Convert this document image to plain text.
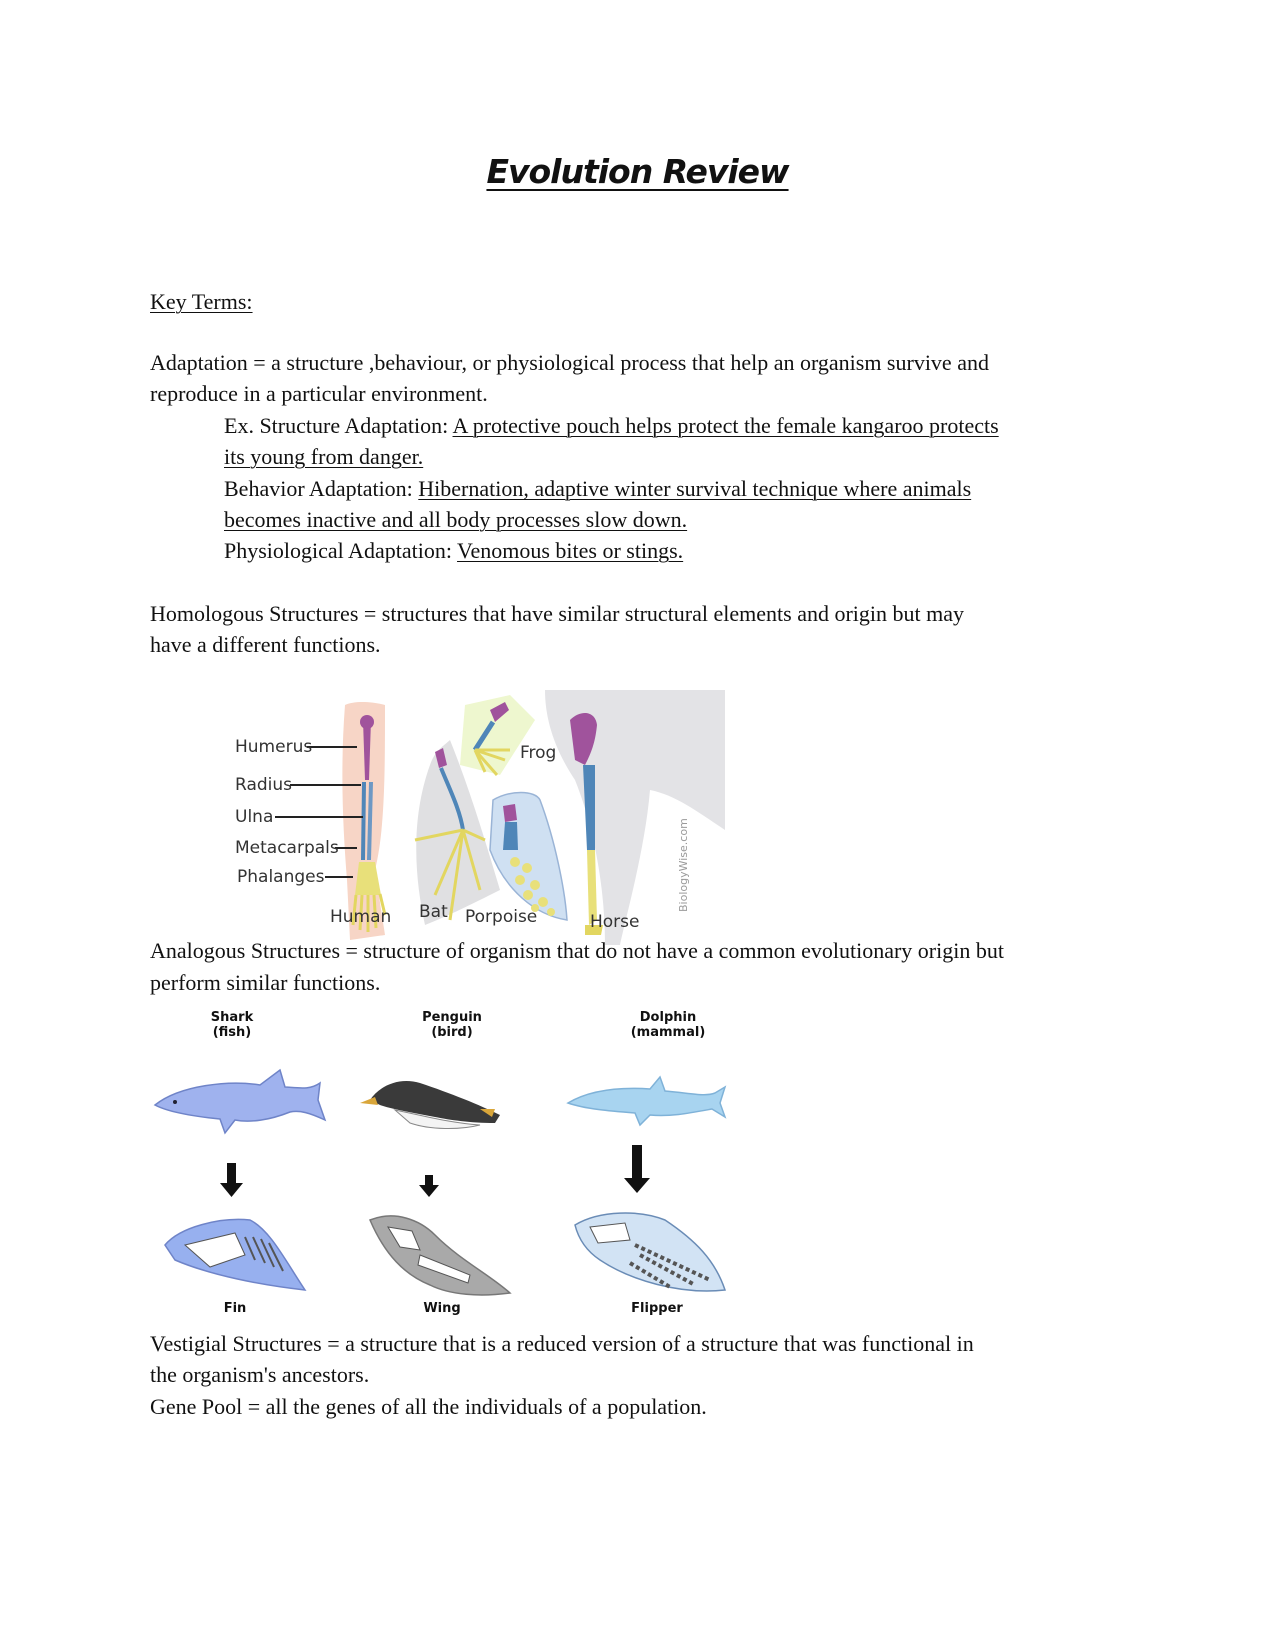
Evolution Review
Key Terms:
Adaptation = a structure ,behaviour, or physiological process that help an organism survive and
reproduce in a particular environment.
Ex. Structure Adaptation: A protective pouch helps protect the female kangaroo protects
its young from danger.
Behavior Adaptation: Hibernation, adaptive winter survival technique where animals
becomes inactive and all body processes slow down.
Physiological Adaptation: Venomous bites or stings.
Homologous Structures = structures that have similar structural elements and origin but may
have a different functions.
Humerus
Radius
Ulna
Metacarpals
Phalanges
Frog
Human Bat Porpoise	Horse
BiologyWise.com
Analogous Structures = structure of organism that do not have a common evolutionary origin but
perform similar functions.
Shark
(fish)
Penguin
(bird)
Dolphin
(mammal)
Fin	Wing	Flipper
Vestigial Structures = a structure that is a reduced version of a structure that was functional in
the organism's ancestors.
Gene Pool = all the genes of all the individuals of a population.
